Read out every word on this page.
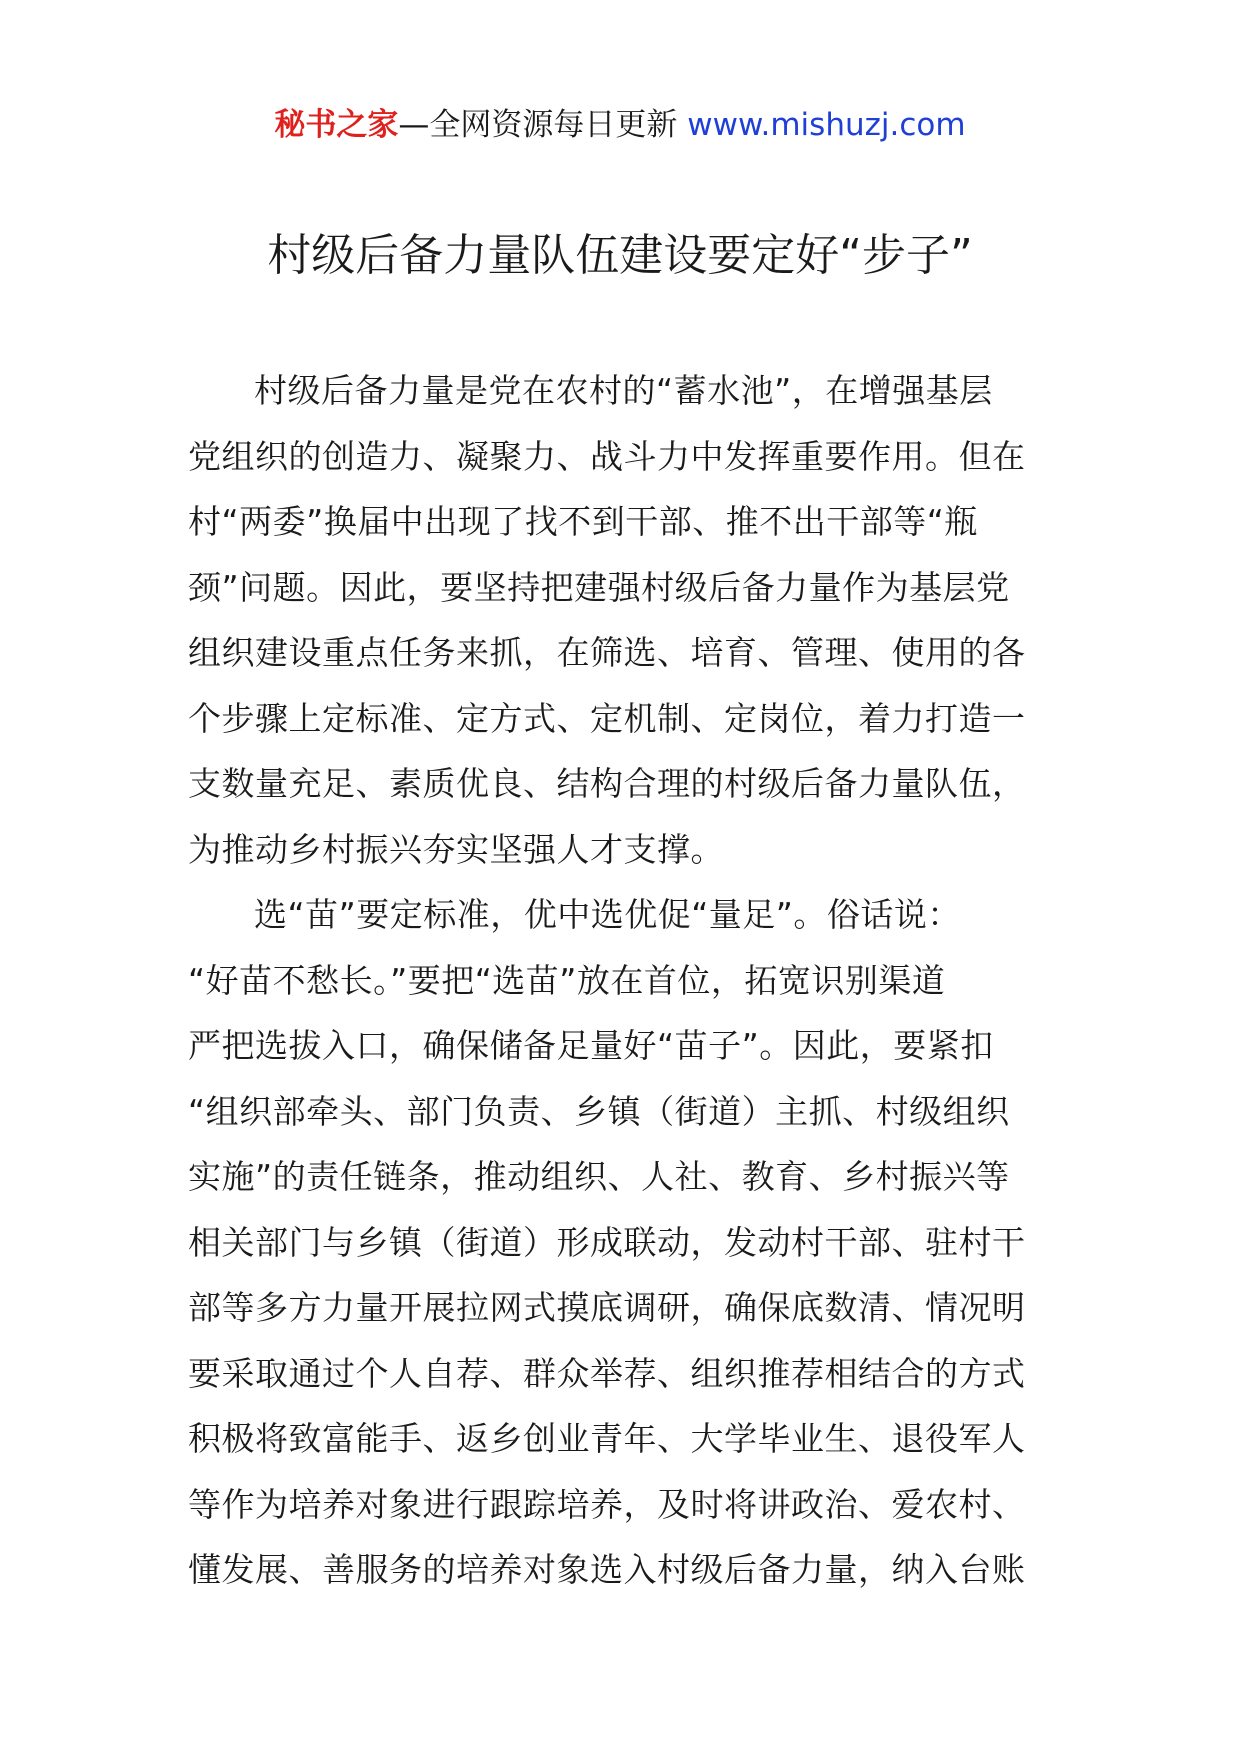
秘书之家—全网资源每日更新 www.mishuzj.com
村级后备力量队伍建设要定好“步子”
村级后备力量是党在农村的“蓄水池”，在增强基层
党组织的创造力、凝聚力、战斗力中发挥重要作用。但在
村“两委”换届中出现了找不到干部、推不出干部等“瓶
颈”问题。因此，要坚持把建强村级后备力量作为基层党
组织建设重点任务来抓，在筛选、培育、管理、使用的各
个步骤上定标准、定方式、定机制、定岗位，着力打造一
支数量充足、素质优良、结构合理的村级后备力量队伍，
为推动乡村振兴夯实坚强人才支撑。
选“苗”要定标准，优中选优促“量足”。俗话说：
“好苗不愁长。”要把“选苗”放在首位，拓宽识别渠道
严把选拔入口，确保储备足量好“苗子”。因此，要紧扣
“组织部牵头、部门负责、乡镇（街道）主抓、村级组织
实施”的责任链条，推动组织、人社、教育、乡村振兴等
相关部门与乡镇（街道）形成联动，发动村干部、驻村干
部等多方力量开展拉网式摸底调研，确保底数清、情况明
要采取通过个人自荐、群众举荐、组织推荐相结合的方式
积极将致富能手、返乡创业青年、大学毕业生、退役军人
等作为培养对象进行跟踪培养，及时将讲政治、爱农村、
懂发展、善服务的培养对象选入村级后备力量，纳入台账
